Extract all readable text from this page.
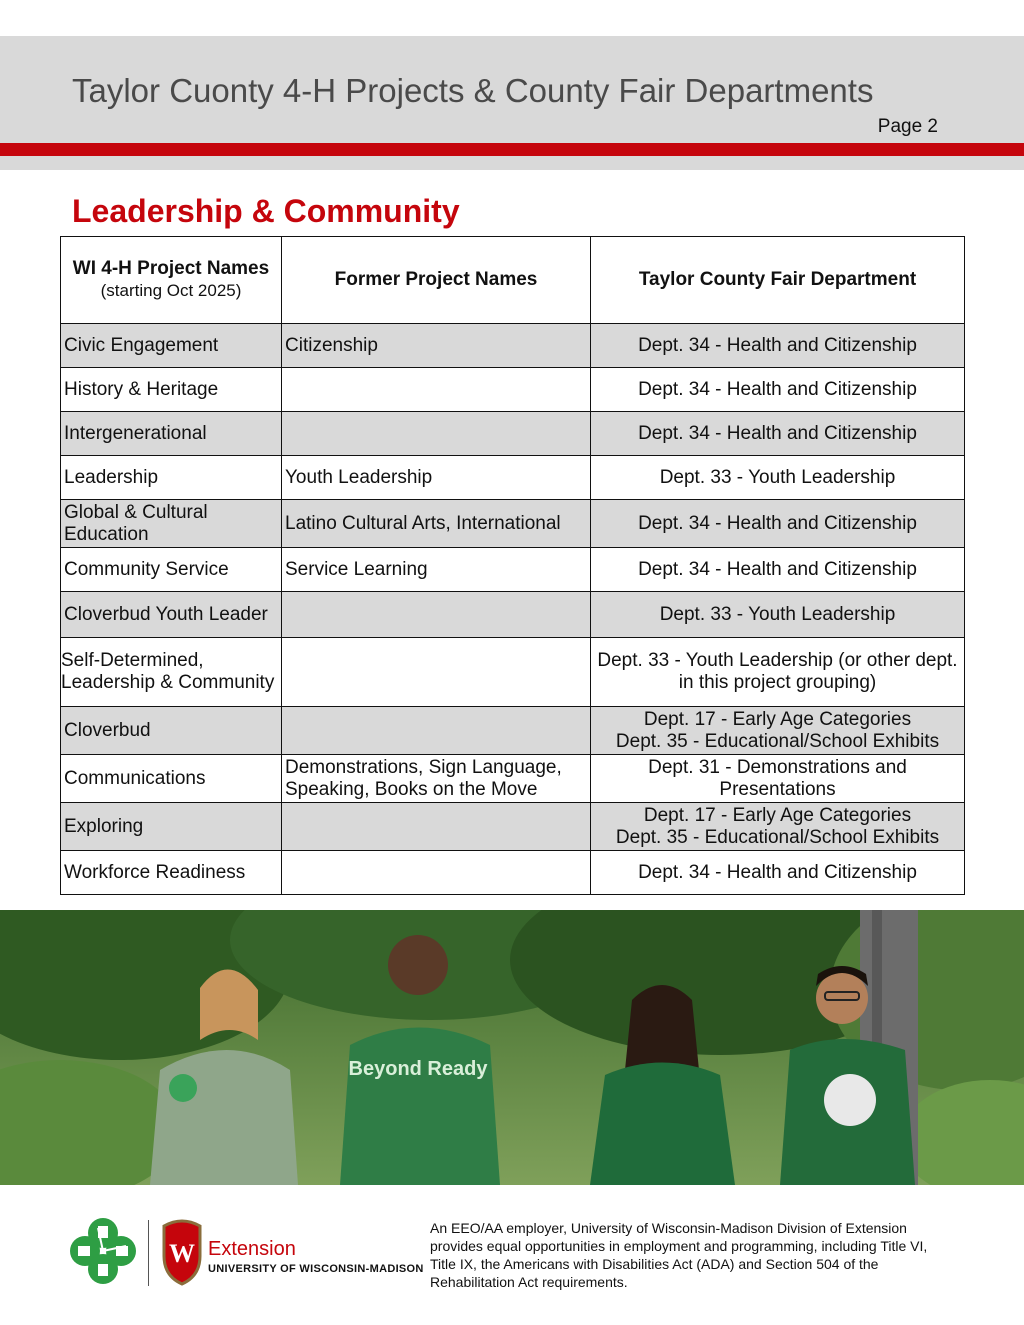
Taylor Cuonty 4-H Projects & County Fair Departments
Page 2
Leadership & Community
WI 4-H Project Names
(starting Oct 2025)	Former Project Names	Taylor County Fair Department
Civic Engagement	Citizenship	Dept. 34 - Health and Citizenship
History & Heritage		Dept. 34 - Health and Citizenship
Intergenerational		Dept. 34 - Health and Citizenship
Leadership	Youth Leadership	Dept. 33 - Youth Leadership
Global & Cultural Education	Latino Cultural Arts, International	Dept. 34 - Health and Citizenship
Community Service	Service Learning	Dept. 34 - Health and Citizenship
Cloverbud Youth Leader		Dept. 33 - Youth Leadership
Self-Determined, Leadership & Community		Dept. 33 - Youth Leadership (or other dept. in this project grouping)
Cloverbud		Dept. 17 - Early Age Categories
Dept. 35 - Educational/School Exhibits

Communications	Demonstrations, Sign Language, Speaking, Books on the Move	Dept. 31 - Demonstrations and Presentations
Exploring		Dept. 17 - Early Age Categories
Dept. 35 - Educational/School Exhibits

Workforce Readiness		Dept. 34 - Health and Citizenship
Beyond Ready
W Extension
UNIVERSITY OF WISCONSIN-MADISON
An EEO/AA employer, University of Wisconsin-Madison Division of Extension provides equal opportunities in employment and programming, including Title VI, Title IX, the Americans with Disabilities Act (ADA) and Section 504 of the Rehabilitation Act requirements.
